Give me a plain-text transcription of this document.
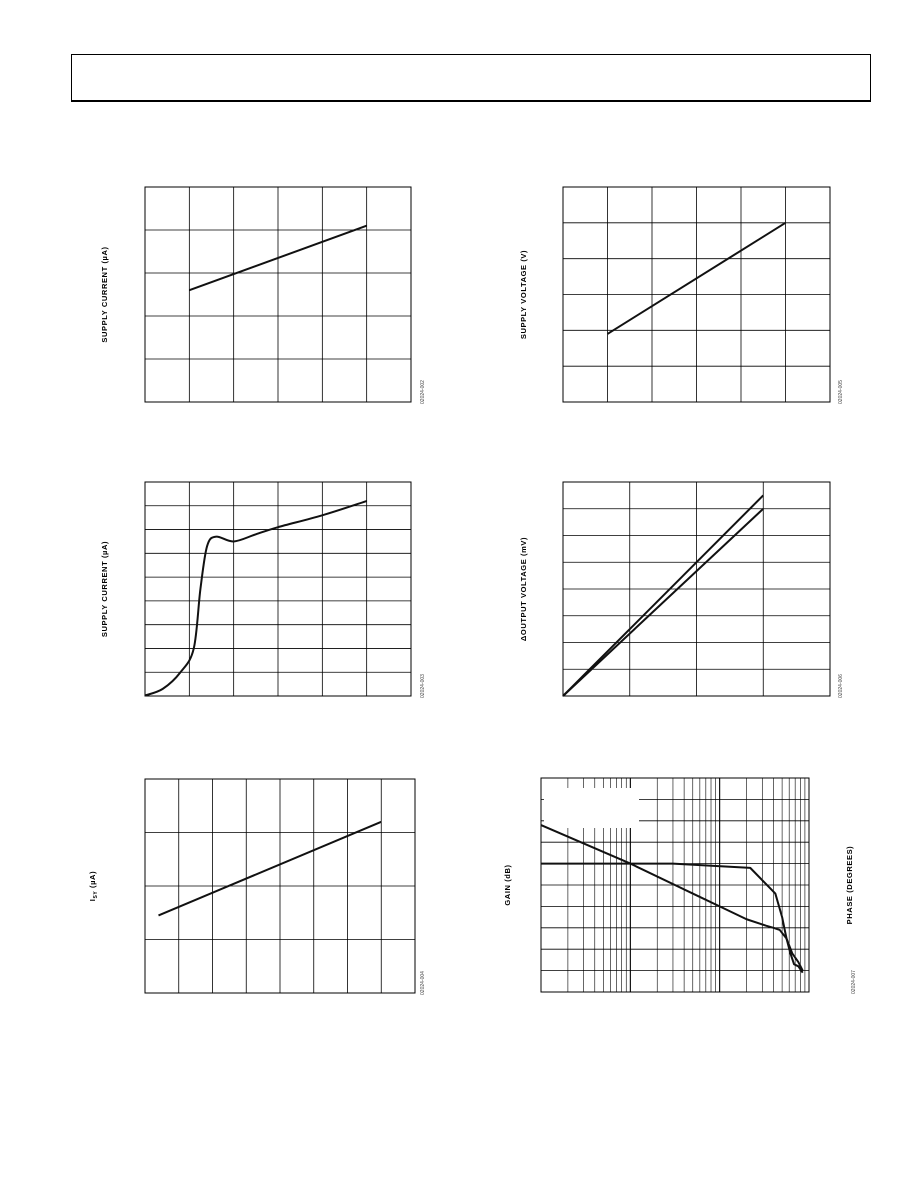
SUPPLY CURRENT (µA)
02024-002
SUPPLY VOLTAGE (V)
02024-005
SUPPLY CURRENT (µA)
02024-003
ΔOUTPUT VOLTAGE (mV)
02024-006
$I_{SY}$ (µA)
02024-004
GAIN (dB)	PHASE (DEGREES)
02024-007
